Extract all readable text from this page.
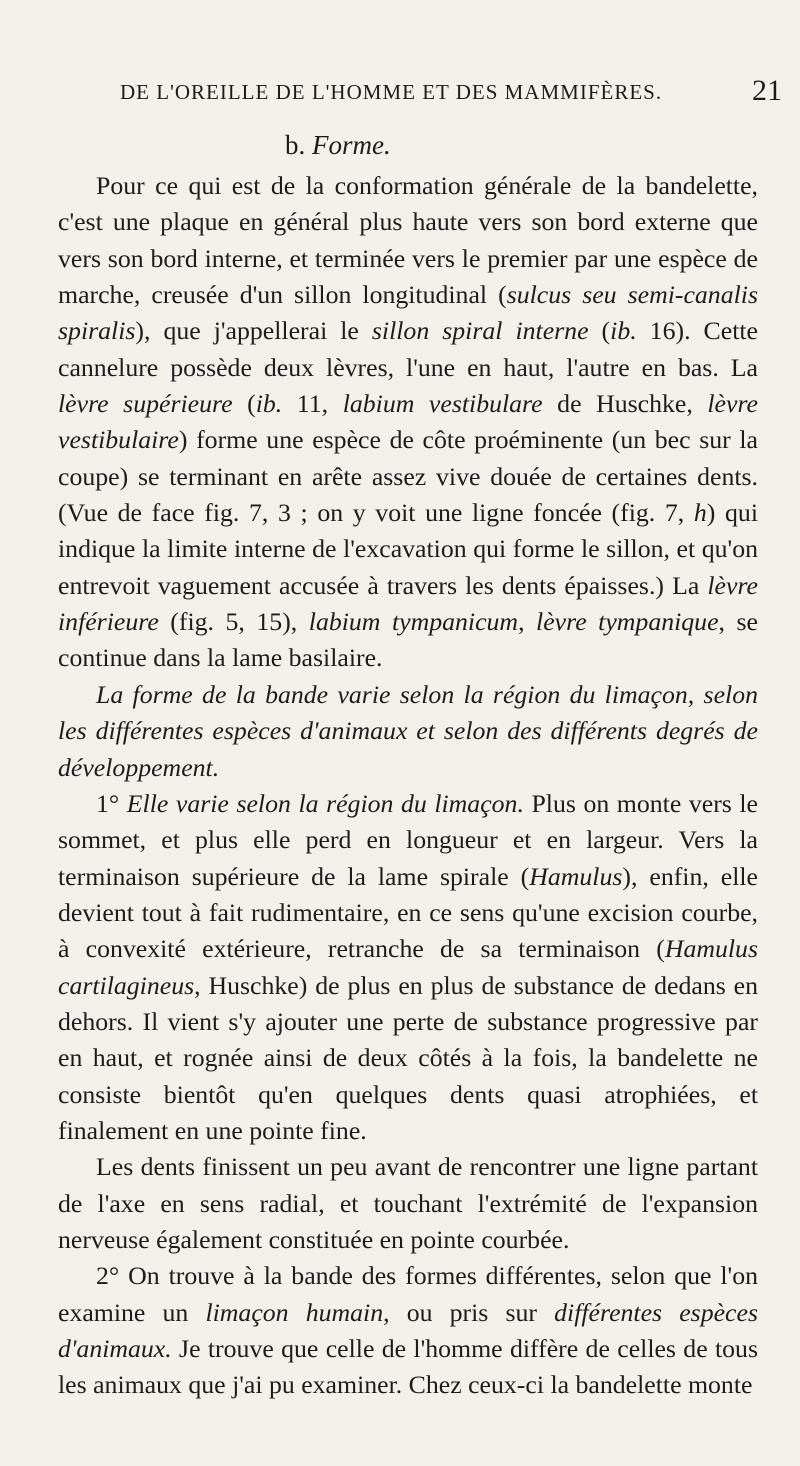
DE L'OREILLE DE L'HOMME ET DES MAMMIFÈRES.	21
b. Forme.

Pour ce qui est de la conformation générale de la bandelette, c'est une plaque en général plus haute vers son bord externe que vers son bord interne, et terminée vers le premier par une espèce de marche, creusée d'un sillon longitudinal (sulcus seu semi-canalis spiralis), que j'appellerai le sillon spiral interne (ib. 16). Cette cannelure possède deux lèvres, l'une en haut, l'autre en bas. La lèvre supérieure (ib. 11, labium vestibulare de Huschke, lèvre vestibulaire) forme une espèce de côte proéminente (un bec sur la coupe) se terminant en arête assez vive douée de certaines dents. (Vue de face fig. 7, 3 ; on y voit une ligne foncée (fig. 7, h) qui indique la limite interne de l'excavation qui forme le sillon, et qu'on entrevoit vaguement accusée à travers les dents épaisses.) La lèvre inférieure (fig. 5, 15), labium tympanicum, lèvre tympanique, se continue dans la lame basilaire.

La forme de la bande varie selon la région du limaçon, selon les différentes espèces d'animaux et selon des différents degrés de développement.

1° Elle varie selon la région du limaçon. Plus on monte vers le sommet, et plus elle perd en longueur et en largeur. Vers la terminaison supérieure de la lame spirale (Hamulus), enfin, elle devient tout à fait rudimentaire, en ce sens qu'une excision courbe, à convexité extérieure, retranche de sa terminaison (Hamulus cartilagineus, Huschke) de plus en plus de substance de dedans en dehors. Il vient s'y ajouter une perte de substance progressive par en haut, et rognée ainsi de deux côtés à la fois, la bandelette ne consiste bientôt qu'en quelques dents quasi atrophiées, et finalement en une pointe fine.

Les dents finissent un peu avant de rencontrer une ligne partant de l'axe en sens radial, et touchant l'extrémité de l'expansion nerveuse également constituée en pointe courbée.

2° On trouve à la bande des formes différentes, selon que l'on examine un limaçon humain, ou pris sur différentes espèces d'animaux. Je trouve que celle de l'homme diffère de celles de tous les animaux que j'ai pu examiner. Chez ceux-ci la bandelette monte
